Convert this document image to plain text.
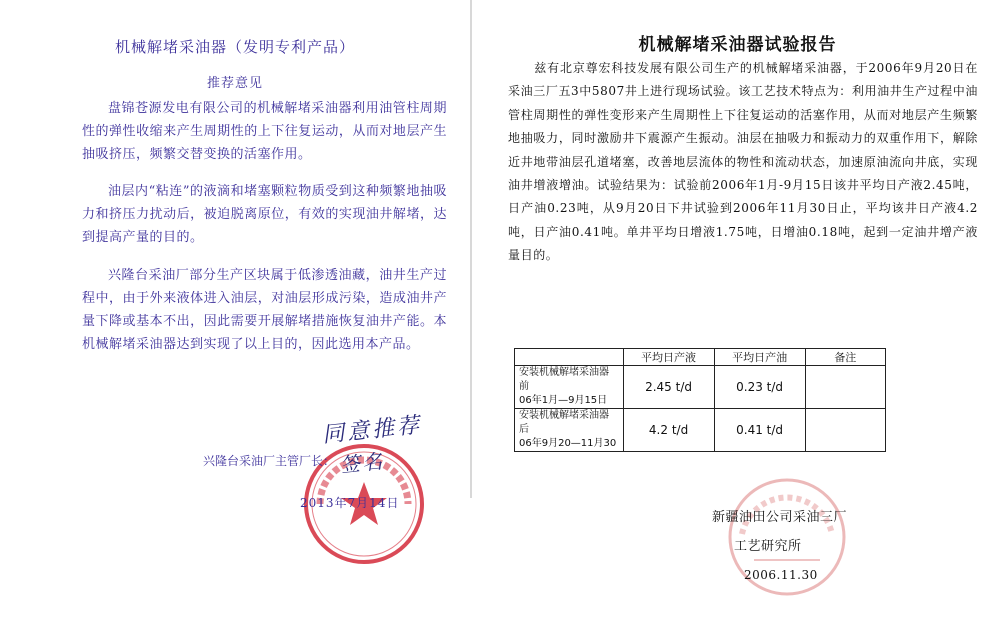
机械解堵采油器（发明专利产品）
推荐意见
盘锦苍源发电有限公司的机械解堵采油器利用油管柱周期性的弹性收缩来产生周期性的上下往复运动，从而对地层产生抽吸挤压，频繁交替变换的活塞作用。
油层内“粘连”的液滴和堵塞颗粒物质受到这种频繁地抽吸力和挤压力扰动后，被迫脱离原位，有效的实现油井解堵，达到提高产量的目的。
兴隆台采油厂部分生产区块属于低渗透油藏，油井生产过程中，由于外来液体进入油层，对油层形成污染，造成油井产量下降或基本不出，因此需要开展解堵措施恢复油井产能。本机械解堵采油器达到实现了以上目的，因此选用本产品。
同意推荐
兴隆台采油厂主管厂长： 签名
2013年7月14日
机械解堵采油器试验报告
兹有北京尊宏科技发展有限公司生产的机械解堵采油器，于2006年9月20日在采油三厂五3中5807井上进行现场试验。该工艺技术特点为：利用油井生产过程中油管柱周期性的弹性变形来产生周期性上下往复运动的活塞作用，从而对地层产生频繁地抽吸力，同时激励井下震源产生振动。油层在抽吸力和振动力的双重作用下，解除近井地带油层孔道堵塞，改善地层流体的物性和流动状态，加速原油流向井底，实现油井增液增油。试验结果为：试验前2006年1月-9月15日该井平均日产液2.45吨，日产油0.23吨，从9月20日下井试验到2006年11月30日止，平均该井日产液4.2吨，日产油0.41吨。单井平均日增液1.75吨，日增油0.18吨，起到一定油井增产液量目的。
	平均日产液	平均日产油	备注

安装机械解堵采油器前
06年1月—9月15日	2.45 t/d	0.23 t/d	

安装机械解堵采油器后
06年9月20—11月30	4.2 t/d	0.41 t/d	
新疆油田公司采油三厂
工艺研究所
2006.11.30
